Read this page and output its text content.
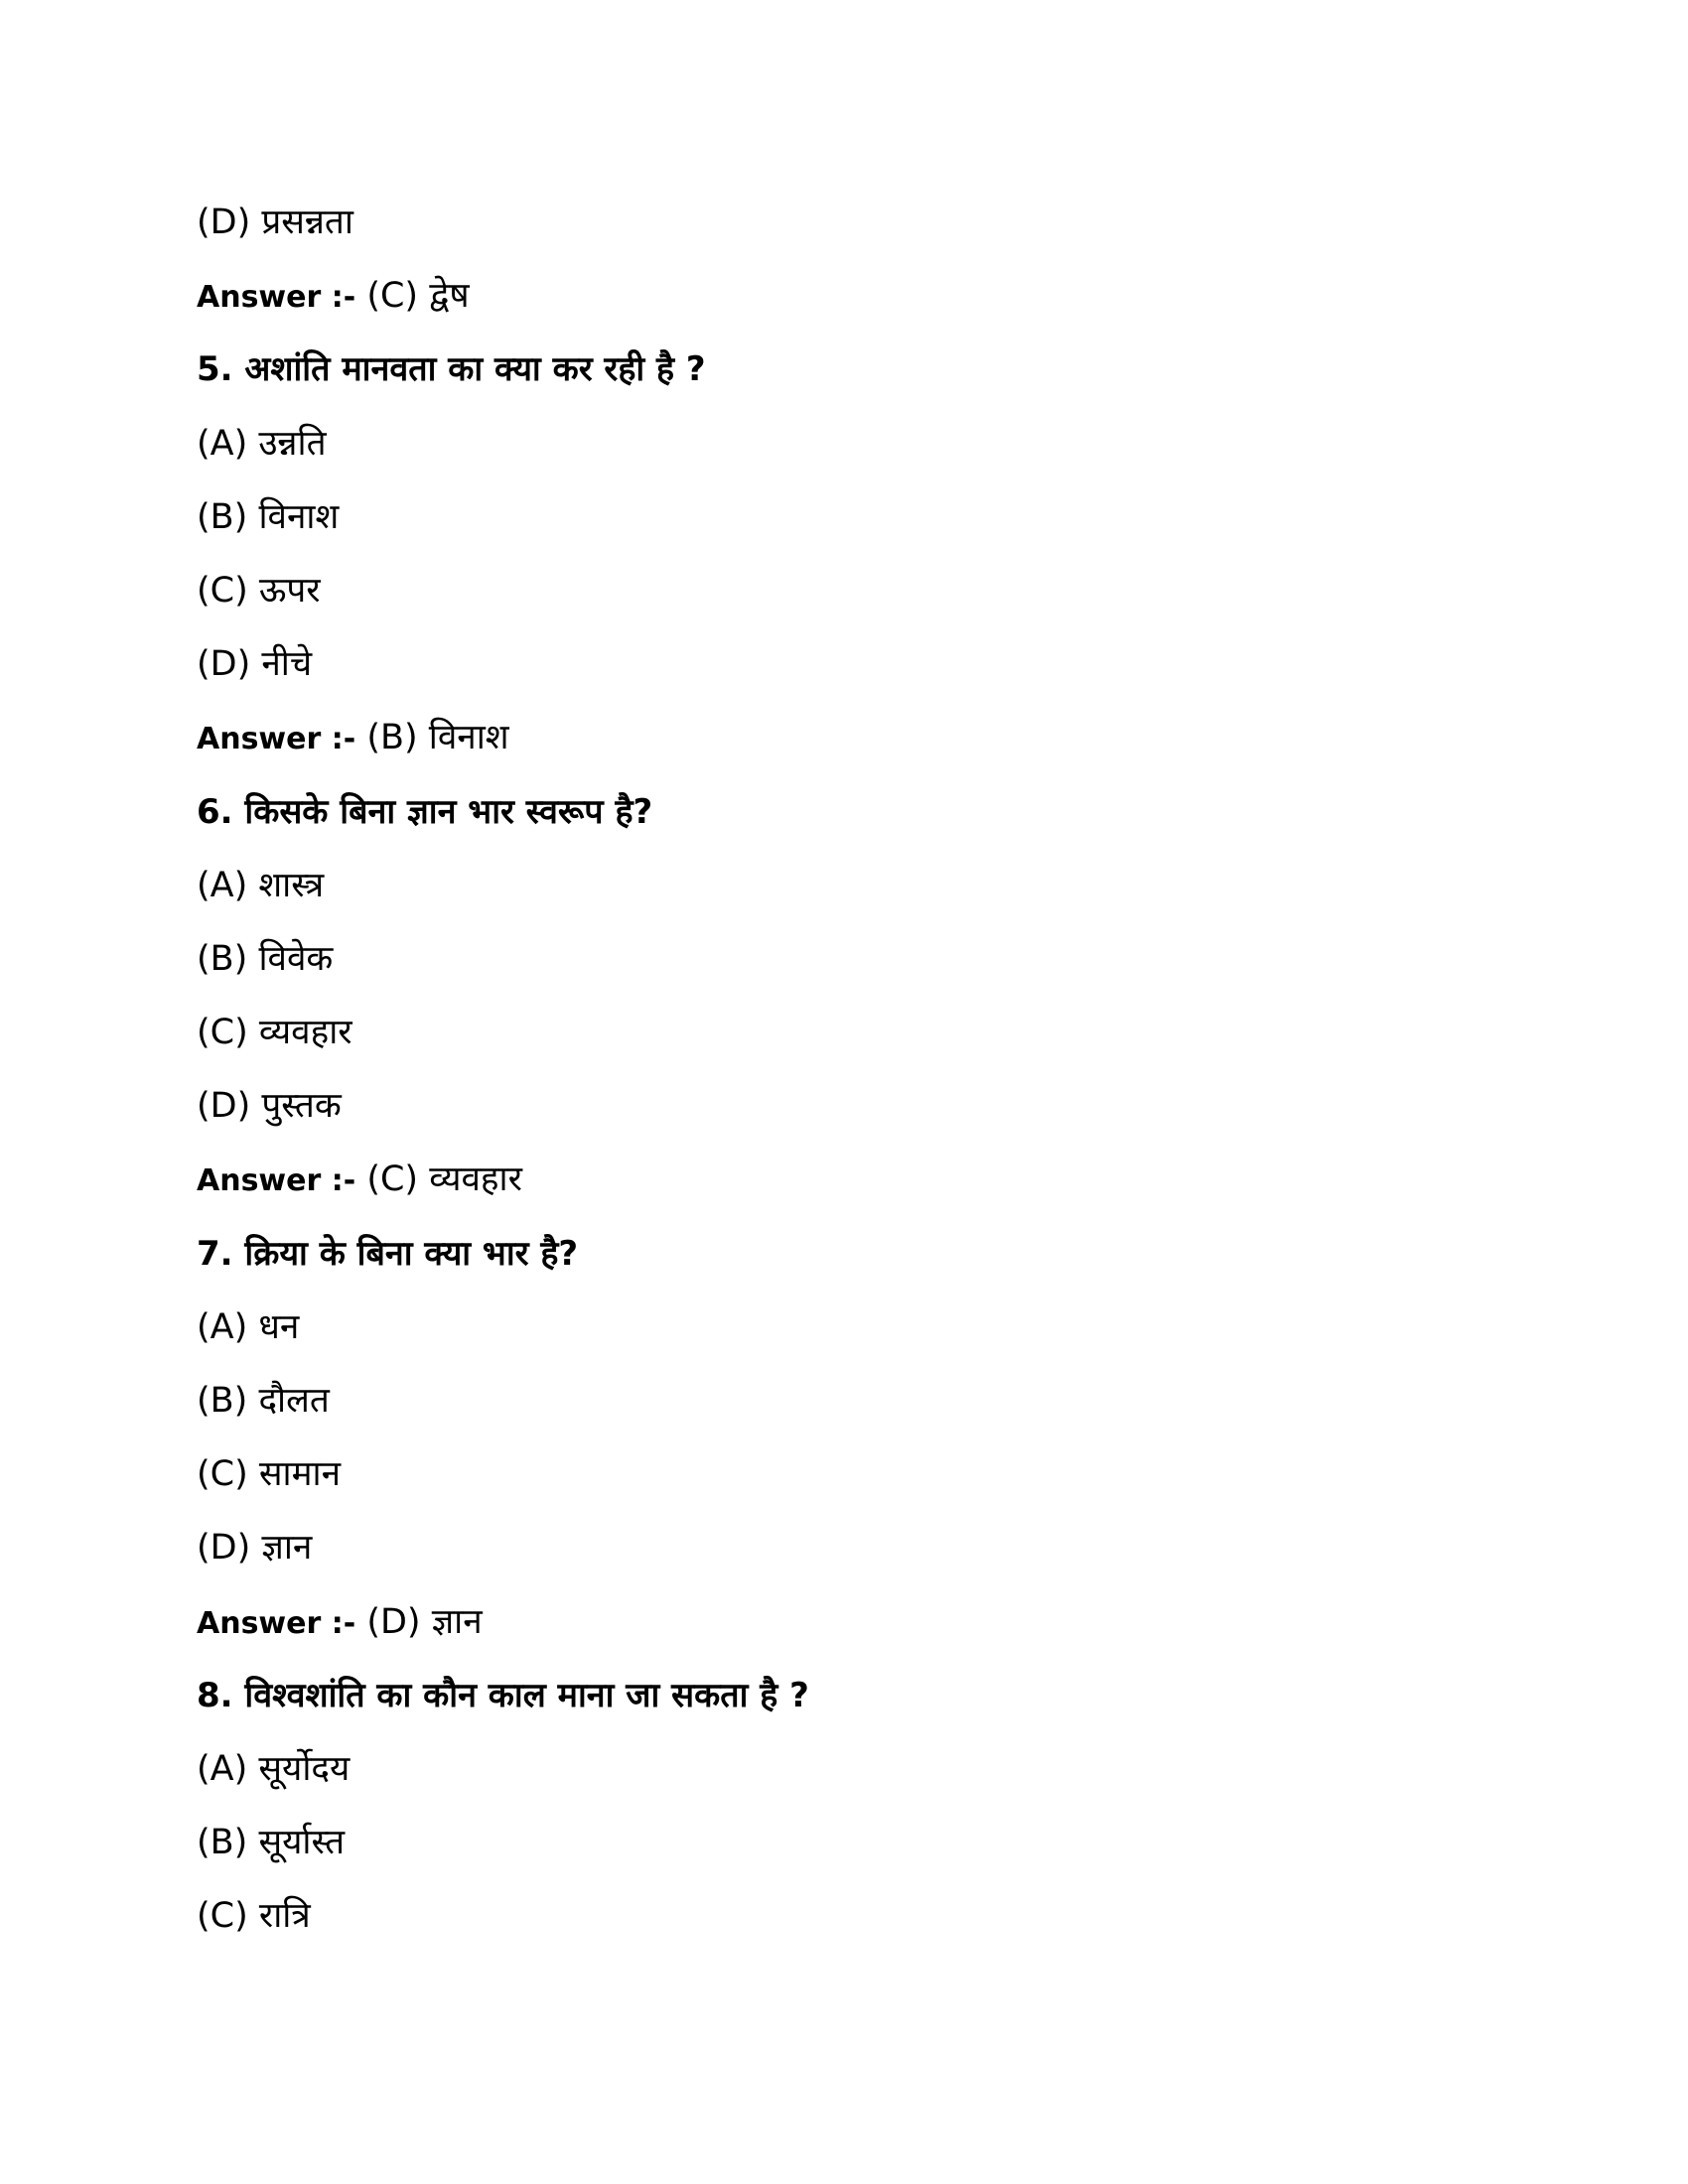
(D) प्रसन्नता
Answer :- (C) द्वेष
5. अशांति मानवता का क्या कर रही है ?
(A) उन्नति
(B) विनाश
(C) ऊपर
(D) नीचे
Answer :- (B) विनाश
6. किसके बिना ज्ञान भार स्वरूप है?
(A) शास्त्र
(B) विवेक
(C) व्यवहार
(D) पुस्तक
Answer :- (C) व्यवहार
7. क्रिया के बिना क्या भार है?
(A) धन
(B) दौलत
(C) सामान
(D) ज्ञान
Answer :- (D) ज्ञान
8. विश्वशांति का कौन काल माना जा सकता है ?
(A) सूर्योदय
(B) सूर्यास्त
(C) रात्रि
